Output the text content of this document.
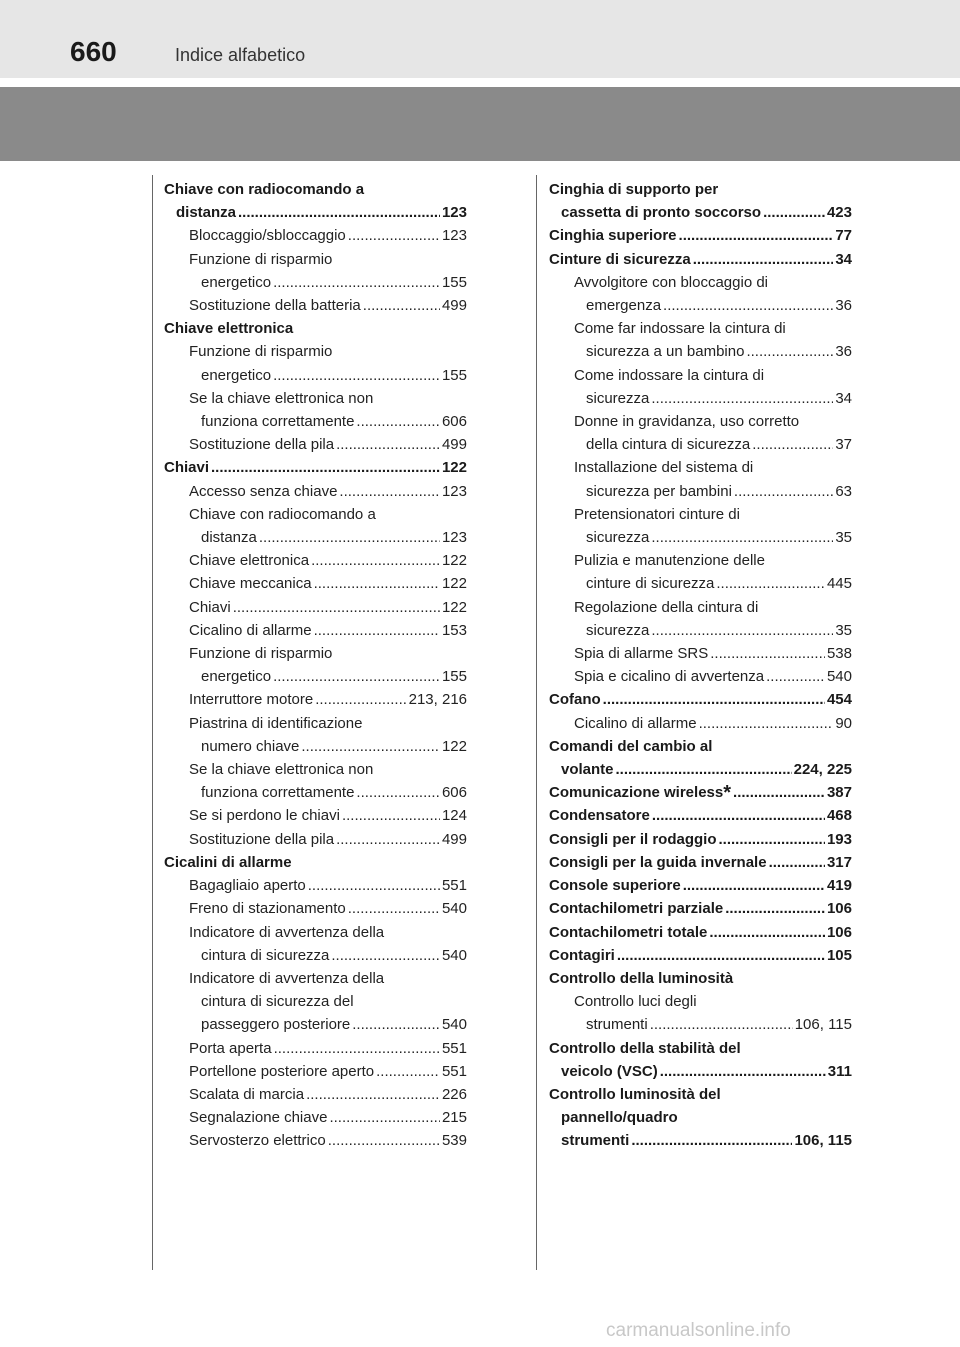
660	Indice alfabetico
Chiave con radiocomando a
distanza .....	123
Bloccaggio/sbloccaggio .....	123
Funzione di risparmio
energetico .....	155
Sostituzione della batteria .....	499
Chiave elettronica
Funzione di risparmio
energetico .....	155
Se la chiave elettronica non
funziona correttamente .....	606
Sostituzione della pila .....	499
Chiavi .....	122
Accesso senza chiave .....	123
Chiave con radiocomando a
distanza .....	123
Chiave elettronica .....	122
Chiave meccanica .....	122
Chiavi .....	122
Cicalino di allarme .....	153
Funzione di risparmio
energetico .....	155
Interruttore motore .....	213, 216
Piastrina di identificazione
numero chiave .....	122
Se la chiave elettronica non
funziona correttamente .....	606
Se si perdono le chiavi .....	124
Sostituzione della pila .....	499
Cicalini di allarme
Bagagliaio aperto .....	551
Freno di stazionamento .....	540
Indicatore di avvertenza della
cintura di sicurezza .....	540
Indicatore di avvertenza della
cintura di sicurezza del
passeggero posteriore .....	540
Porta aperta .....	551
Portellone posteriore aperto .....	551
Scalata di marcia .....	226
Segnalazione chiave .....	215
Servosterzo elettrico .....	539
Cinghia di supporto per
cassetta di pronto soccorso .....	423
Cinghia superiore .....	77
Cinture di sicurezza .....	34
Avvolgitore con bloccaggio di
emergenza .....	36
Come far indossare la cintura di
sicurezza a un bambino .....	36
Come indossare la cintura di
sicurezza .....	34
Donne in gravidanza, uso corretto
della cintura di sicurezza .....	37
Installazione del sistema di
sicurezza per bambini .....	63
Pretensionatori cinture di
sicurezza .....	35
Pulizia e manutenzione delle
cinture di sicurezza .....	445
Regolazione della cintura di
sicurezza .....	35
Spia di allarme SRS .....	538
Spia e cicalino di avvertenza .....	540
Cofano .....	454
Cicalino di allarme .....	90
Comandi del cambio al
volante .....	224, 225
Comunicazione wireless* .....	387
Condensatore .....	468
Consigli per il rodaggio .....	193
Consigli per la guida invernale .....	317
Console superiore .....	419
Contachilometri parziale .....	106
Contachilometri totale .....	106
Contagiri .....	105
Controllo della luminosità
Controllo luci degli
strumenti .....	106, 115
Controllo della stabilità del
veicolo (VSC) .....	311
Controllo luminosità del
pannello/quadro
strumenti .....	106, 115
carmanualsonline.info
